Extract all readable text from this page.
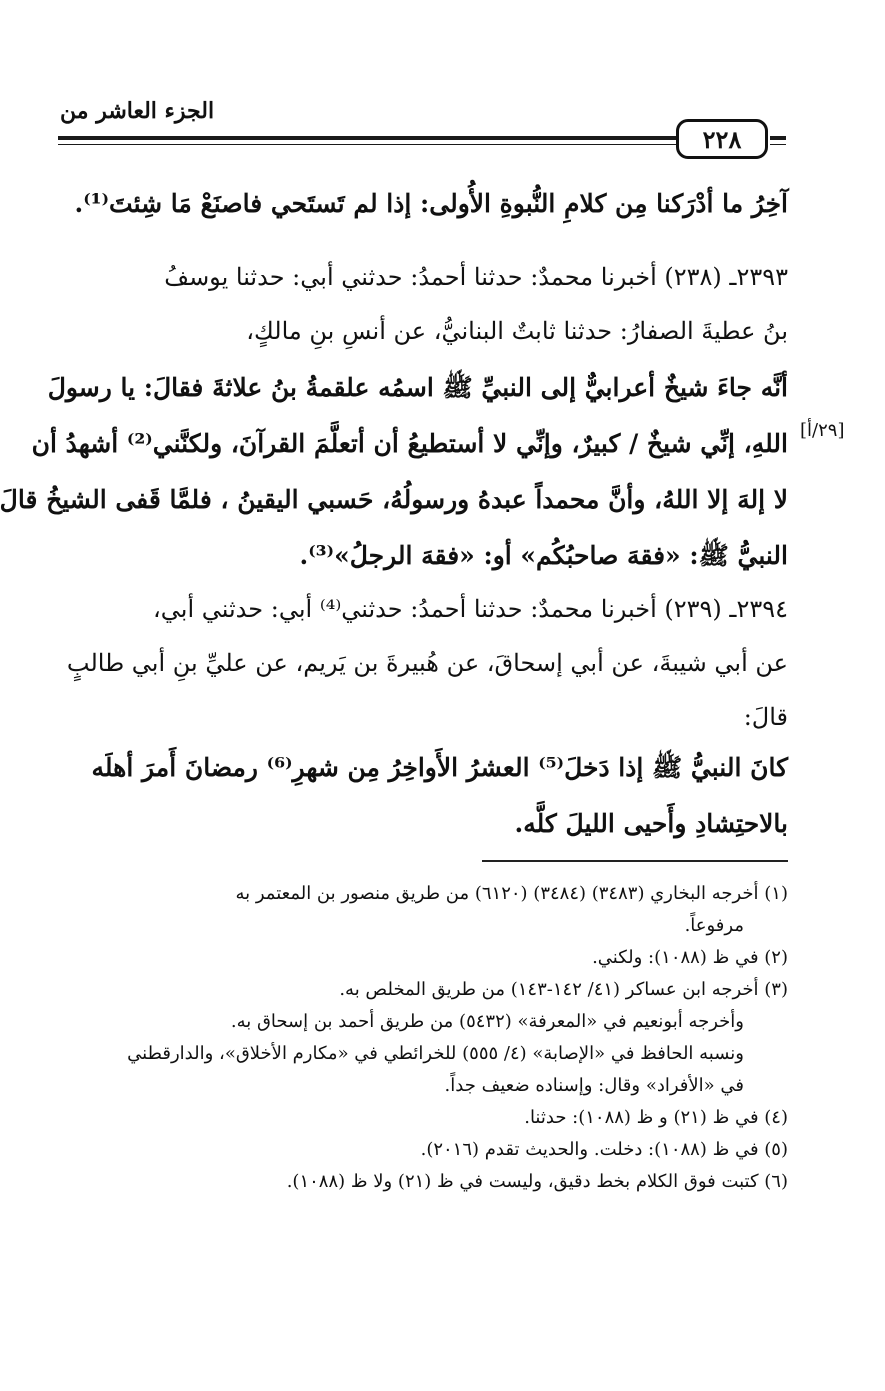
الجزء العاشر من
٢٢٨
آخِرُ ما أدْرَكنا مِن كلامِ النُّبوةِ الأُولى: إذا لم تَستَحي فاصنَعْ مَا شِئتَ⁽¹⁾.
٢٣٩٣ـ (٢٣٨) أخبرنا محمدٌ: حدثنا أحمدُ: حدثني أبي: حدثنا يوسفُ
بنُ عطيةَ الصفارُ: حدثنا ثابتٌ البنانيُّ، عن أنسِ بنِ مالكٍ،
[٢٩/أ]
أنَّه جاءَ شيخٌ أعرابيٌّ إلى النبيِّ ﷺ اسمُه علقمةُ بنُ علاثةَ فقالَ: يا رسولَ
اللهِ، إنِّي شيخٌ / كبيرٌ، وإنِّي لا أستطيعُ أن أتعلَّمَ القرآنَ، ولكنَّني⁽²⁾ أشهدُ أن
لا إلهَ إلا اللهُ، وأنَّ محمداً عبدهُ ورسولُهُ، حَسبي اليقينُ ، فلمَّا قَفى الشيخُ قالَ
النبيُّ ﷺ: «فقهَ صاحبُكُم» أو: «فقهَ الرجلُ»⁽³⁾.
٢٣٩٤ـ (٢٣٩) أخبرنا محمدٌ: حدثنا أحمدُ: حدثني⁽⁴⁾ أبي: حدثني أبي،
عن أبي شيبةَ، عن أبي إسحاقَ، عن هُبيرةَ بن يَريم، عن عليِّ بنِ أبي طالبٍ
قالَ:
كانَ النبيُّ ﷺ إذا دَخلَ⁽⁵⁾ العشرُ الأَواخِرُ مِن شهرِ⁽⁶⁾ رمضانَ أَمرَ أهلَه
بالاحتِشادِ وأَحيى الليلَ كلَّه.
(١) أخرجه البخاري (٣٤٨٣) (٣٤٨٤) (٦١٢٠) من طريق منصور بن المعتمر به
مرفوعاً.
(٢) في ظ (١٠٨٨): ولكني.
(٣) أخرجه ابن عساكر (٤١/ ١٤٢-١٤٣) من طريق المخلص به.
وأخرجه أبونعيم في «المعرفة» (٥٤٣٢) من طريق أحمد بن إسحاق به.
ونسبه الحافظ في «الإصابة» (٤/ ٥٥٥) للخرائطي في «مكارم الأخلاق»، والدارقطني
في «الأفراد» وقال: وإسناده ضعيف جداً.
(٤) في ظ (٢١) و ظ (١٠٨٨): حدثنا.
(٥) في ظ (١٠٨٨): دخلت. والحديث تقدم (٢٠١٦).
(٦) كتبت فوق الكلام بخط دقيق، وليست في ظ (٢١) ولا ظ (١٠٨٨).
